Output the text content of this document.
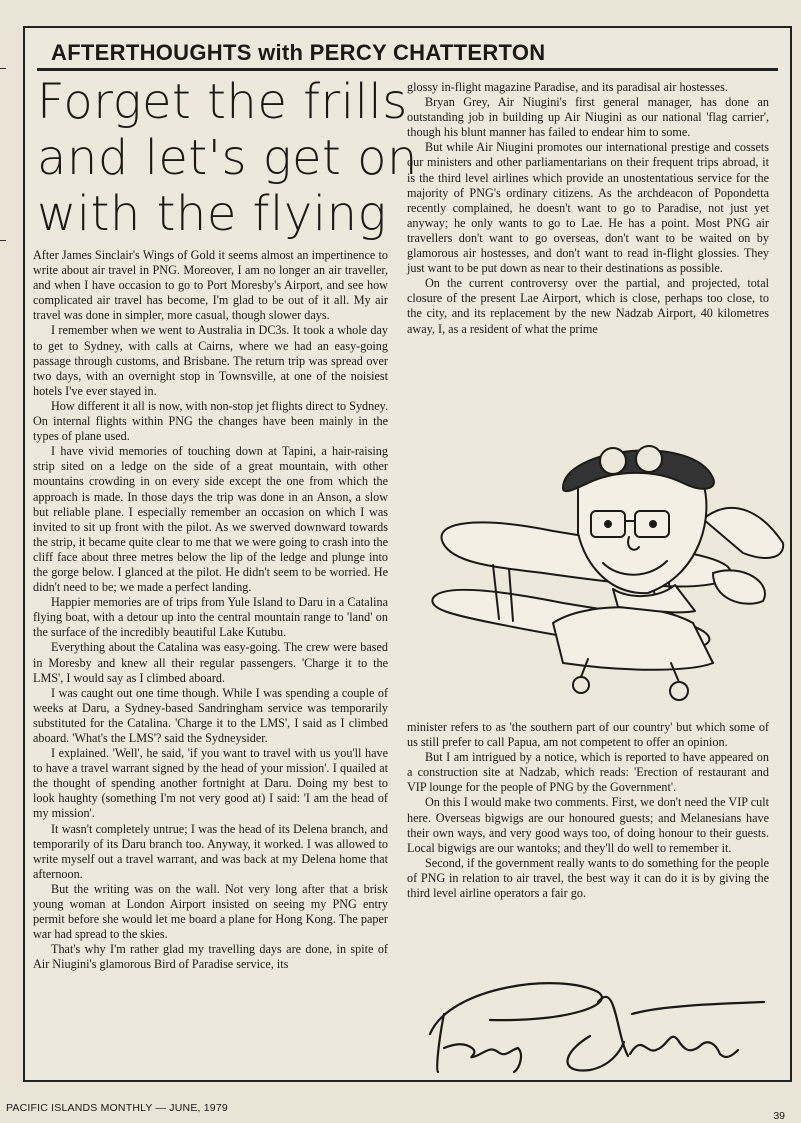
AFTERTHOUGHTS with PERCY CHATTERTON
Forget the frills
and let's get on
with the flying

After James Sinclair's Wings of Gold it seems almost an impertinence to write about air travel in PNG. Moreover, I am no longer an air traveller, and when I have occasion to go to Port Moresby's Airport, and see how complicated air travel has become, I'm glad to be out of it all. My air travel was done in simpler, more casual, though slower days.

I remember when we went to Australia in DC3s. It took a whole day to get to Sydney, with calls at Cairns, where we had an easy-going passage through customs, and Brisbane. The return trip was spread over two days, with an overnight stop in Townsville, at one of the noisiest hotels I've ever stayed in.

How different it all is now, with non-stop jet flights direct to Sydney. On internal flights within PNG the changes have been mainly in the types of plane used.

I have vivid memories of touching down at Tapini, a hair-raising strip sited on a ledge on the side of a great mountain, with other mountains crowding in on every side except the one from which the approach is made. In those days the trip was done in an Anson, a slow but reliable plane. I especially remember an occasion on which I was invited to sit up front with the pilot. As we swerved downward towards the strip, it became quite clear to me that we were going to crash into the cliff face about three metres below the lip of the ledge and plunge into the gorge below. I glanced at the pilot. He didn't seem to be worried. He didn't need to be; we made a perfect landing.

Happier memories are of trips from Yule Island to Daru in a Catalina flying boat, with a detour up into the central mountain range to 'land' on the surface of the incredibly beautiful Lake Kutubu.

Everything about the Catalina was easy-going. The crew were based in Moresby and knew all their regular passengers. 'Charge it to the LMS', I would say as I climbed aboard.

I was caught out one time though. While I was spending a couple of weeks at Daru, a Sydney-based Sandringham service was temporarily substituted for the Catalina. 'Charge it to the LMS', I said as I climbed aboard. 'What's the LMS'? said the Sydneysider.

I explained. 'Well', he said, 'if you want to travel with us you'll have to have a travel warrant signed by the head of your mission'. I quailed at the thought of spending another fortnight at Daru. Doing my best to look haughty (something I'm not very good at) I said: 'I am the head of my mission'.

It wasn't completely untrue; I was the head of its Delena branch, and temporarily of its Daru branch too. Anyway, it worked. I was allowed to write myself out a travel warrant, and was back at my Delena home that afternoon.

But the writing was on the wall. Not very long after that a brisk young woman at London Airport insisted on seeing my PNG entry permit before she would let me board a plane for Hong Kong. The paper war had spread to the skies.

That's why I'm rather glad my travelling days are done, in spite of Air Niugini's glamorous Bird of Paradise service, its

glossy in-flight magazine Paradise, and its paradisal air hostesses.

Bryan Grey, Air Niugini's first general manager, has done an outstanding job in building up Air Niugini as our national 'flag carrier', though his blunt manner has failed to endear him to some.

But while Air Niugini promotes our international prestige and cossets our ministers and other parliamentarians on their frequent trips abroad, it is the third level airlines which provide an unostentatious service for the majority of PNG's ordinary citizens. As the archdeacon of Popondetta recently complained, he doesn't want to go to Paradise, not just yet anyway; he only wants to go to Lae. He has a point. Most PNG air travellers don't want to go overseas, don't want to be waited on by glamorous air hostesses, and don't want to read in-flight glossies. They just want to be put down as near to their destinations as possible.

On the current controversy over the partial, and projected, total closure of the present Lae Airport, which is close, perhaps too close, to the city, and its replacement by the new Nadzab Airport, 40 kilometres away, I, as a resident of what the prime

minister refers to as 'the southern part of our country' but which some of us still prefer to call Papua, am not competent to offer an opinion.

But I am intrigued by a notice, which is reported to have appeared on a construction site at Nadzab, which reads: 'Erection of restaurant and VIP lounge for the people of PNG by the Government'.

On this I would make two comments. First, we don't need the VIP cult here. Overseas bigwigs are our honoured guests; and Melanesians have their own ways, and very good ways too, of doing honour to their guests. Local bigwigs are our wantoks; and they'll do well to remember it.

Second, if the government really wants to do something for the people of PNG in relation to air travel, the best way it can do it is by giving the third level airline operators a fair go.

PACIFIC ISLANDS MONTHLY — JUNE, 1979
39
